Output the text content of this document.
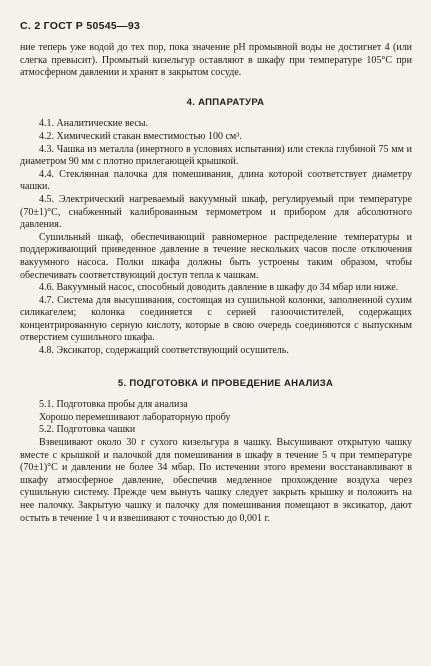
С. 2 ГОСТ Р 50545—93

ние теперь уже водой до тех пор, пока значение pH промывной воды не достигнет 4 (или слегка превысит). Промытый кизельгур оставляют в шкафу при температуре 105°С при атмосферном давлении и хранят в закрытом сосуде.

4. АППАРАТУРА

4.1. Аналитические весы.

4.2. Химический стакан вместимостью 100 см³.

4.3. Чашка из металла (инертного в условиях испытания) или стекла глубиной 75 мм и диаметром 90 мм с плотно прилегающей крышкой.

4.4. Стеклянная палочка для помешивания, длина которой соответствует диаметру чашки.

4.5. Электрический нагреваемый вакуумный шкаф, регулируемый при температуре (70±1)°С, снабженный калиброванным термометром и прибором для абсолютного давления.

Сушильный шкаф, обеспечивающий равномерное распределение температуры и поддерживающий приведенное давление в течение нескольких часов после отключения вакуумного насоса. Полки шкафа должны быть устроены таким образом, чтобы обеспечивать соответствующий доступ тепла к чашкам.

4.6. Вакуумный насос, способный доводить давление в шкафу до 34 мбар или ниже.

4.7. Система для высушивания, состоящая из сушильной колонки, заполненной сухим силикагелем; колонка соединяется с серией газоочистителей, содержащих концентрированную серную кислоту, которые в свою очередь соединяются с выпускным отверстием сушильного шкафа.

4.8. Эксикатор, содержащий соответствующий осушитель.

5. ПОДГОТОВКА И ПРОВЕДЕНИЕ АНАЛИЗА

5.1. Подготовка пробы для анализа

Хорошо перемешивают лабораторную пробу

5.2. Подготовка чашки

Взвешивают около 30 г сухого кизельгура в чашку. Высушивают открытую чашку вместе с крышкой и палочкой для помешивания в шкафу в течение 5 ч при температуре (70±1)°С и давлении не более 34 мбар. По истечении этого времени восстанавливают в шкафу атмосферное давление, обеспечив медленное прохождение воздуха через сушильную систему. Прежде чем вынуть чашку следует закрыть крышку и положить на нее палочку. Закрытую чашку и палочку для помешивания помещают в эксикатор, дают остыть в течение 1 ч и взвешивают с точностью до 0,001 г.
